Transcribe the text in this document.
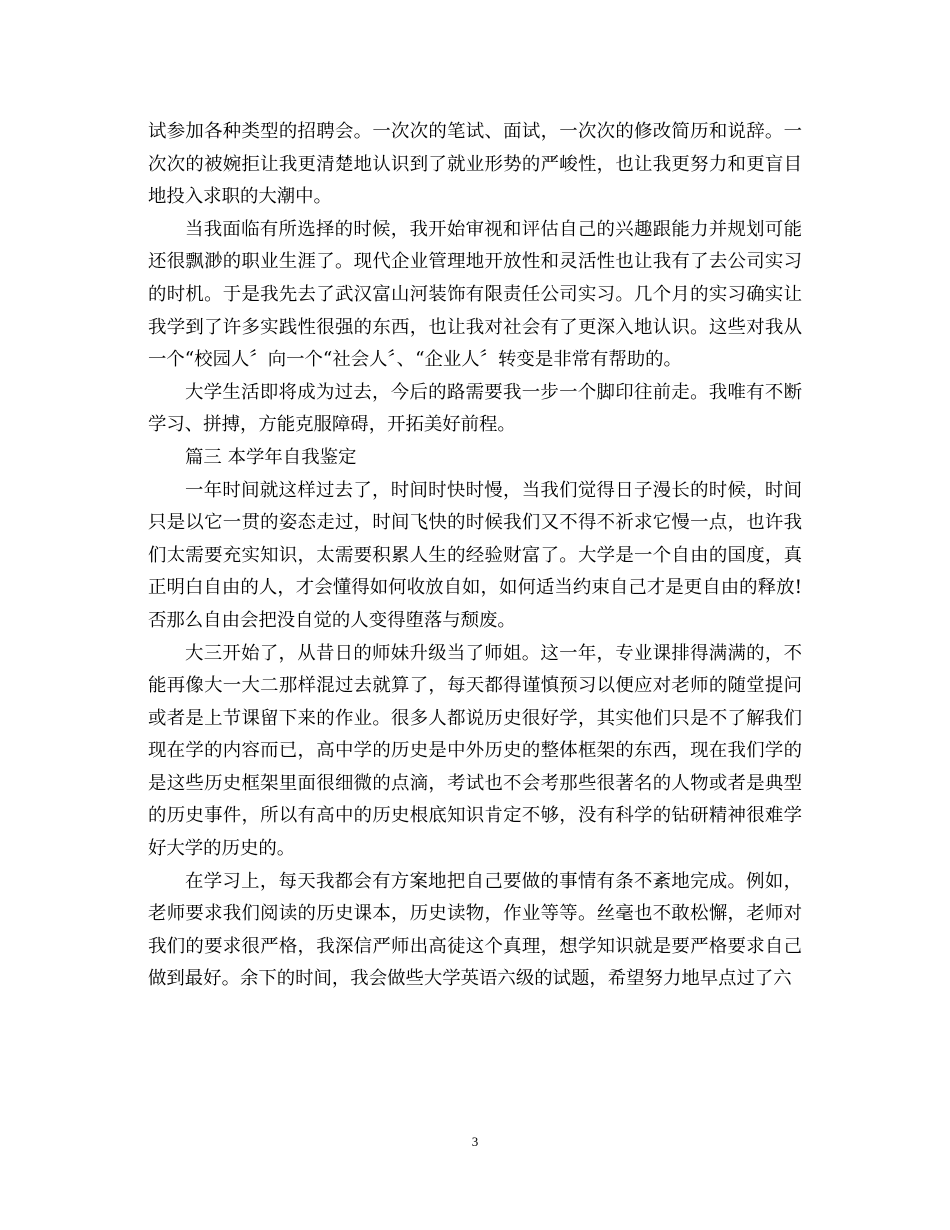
试参加各种类型的招聘会。一次次的笔试、面试，一次次的修改简历和说辞。一次次的被婉拒让我更清楚地认识到了就业形势的严峻性，也让我更努力和更盲目地投入求职的大潮中。

当我面临有所选择的时候，我开始审视和评估自己的兴趣跟能力并规划可能还很飘渺的职业生涯了。现代企业管理地开放性和灵活性也让我有了去公司实习的时机。于是我先去了武汉富山河装饰有限责任公司实习。几个月的实习确实让我学到了许多实践性很强的东西，也让我对社会有了更深入地认识。这些对我从一个“校园人〞向一个“社会人〞、“企业人〞转变是非常有帮助的。

大学生活即将成为过去，今后的路需要我一步一个脚印往前走。我唯有不断学习、拼搏，方能克服障碍，开拓美好前程。

篇三 本学年自我鉴定

一年时间就这样过去了，时间时快时慢，当我们觉得日子漫长的时候，时间只是以它一贯的姿态走过，时间飞快的时候我们又不得不祈求它慢一点，也许我们太需要充实知识，太需要积累人生的经验财富了。大学是一个自由的国度，真正明白自由的人，才会懂得如何收放自如，如何适当约束自己才是更自由的释放!否那么自由会把没自觉的人变得堕落与颓废。

大三开始了，从昔日的师妹升级当了师姐。这一年，专业课排得满满的，不能再像大一大二那样混过去就算了，每天都得谨慎预习以便应对老师的随堂提问或者是上节课留下来的作业。很多人都说历史很好学，其实他们只是不了解我们现在学的内容而已，高中学的历史是中外历史的整体框架的东西，现在我们学的是这些历史框架里面很细微的点滴，考试也不会考那些很著名的人物或者是典型的历史事件，所以有高中的历史根底知识肯定不够，没有科学的钻研精神很难学好大学的历史的。

在学习上，每天我都会有方案地把自己要做的事情有条不紊地完成。例如，老师要求我们阅读的历史课本，历史读物，作业等等。丝毫也不敢松懈，老师对我们的要求很严格，我深信严师出高徒这个真理，想学知识就是要严格要求自己做到最好。余下的时间，我会做些大学英语六级的试题，希望努力地早点过了六

3
